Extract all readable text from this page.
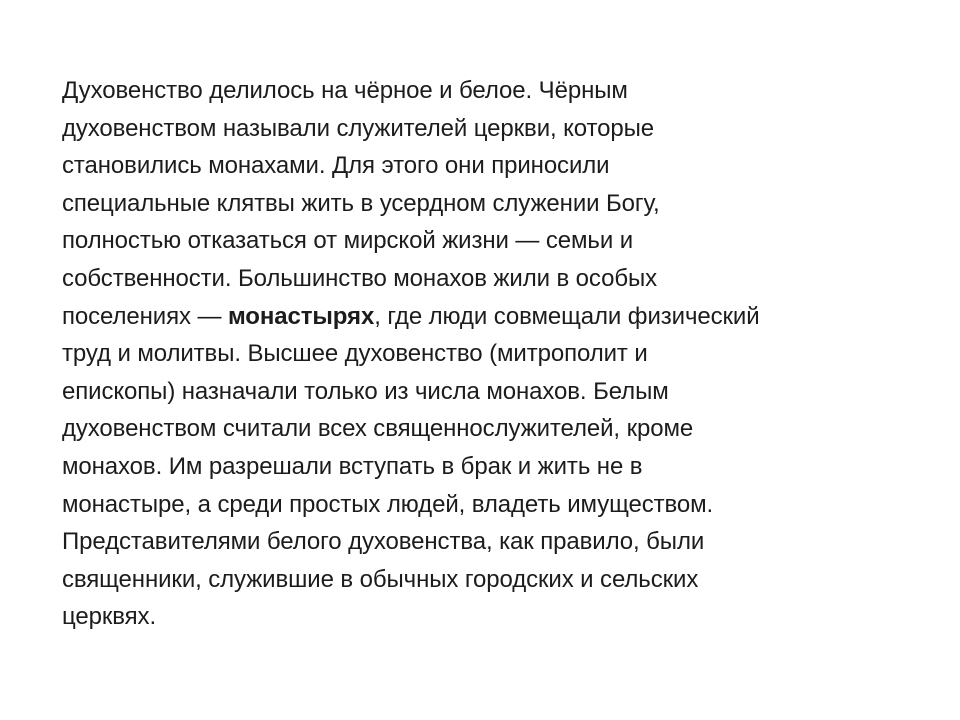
Духовенство делилось на чёрное и белое. Чёрным
духовенством называли служителей церкви, которые
становились монахами. Для этого они приносили
специальные клятвы жить в усердном служении Богу,
полностью отказаться от мирской жизни — семьи и
собственности. Большинство монахов жили в особых
поселениях — монастырях, где люди совмещали физический
труд и молитвы. Высшее духовенство (митрополит и
епископы) назначали только из числа монахов. Белым
духовенством считали всех священнослужителей, кроме
монахов. Им разрешали вступать в брак и жить не в
монастыре, а среди простых людей, владеть имуществом.
Представителями белого духовенства, как правило, были
священники, служившие в обычных городских и сельских
церквях.
